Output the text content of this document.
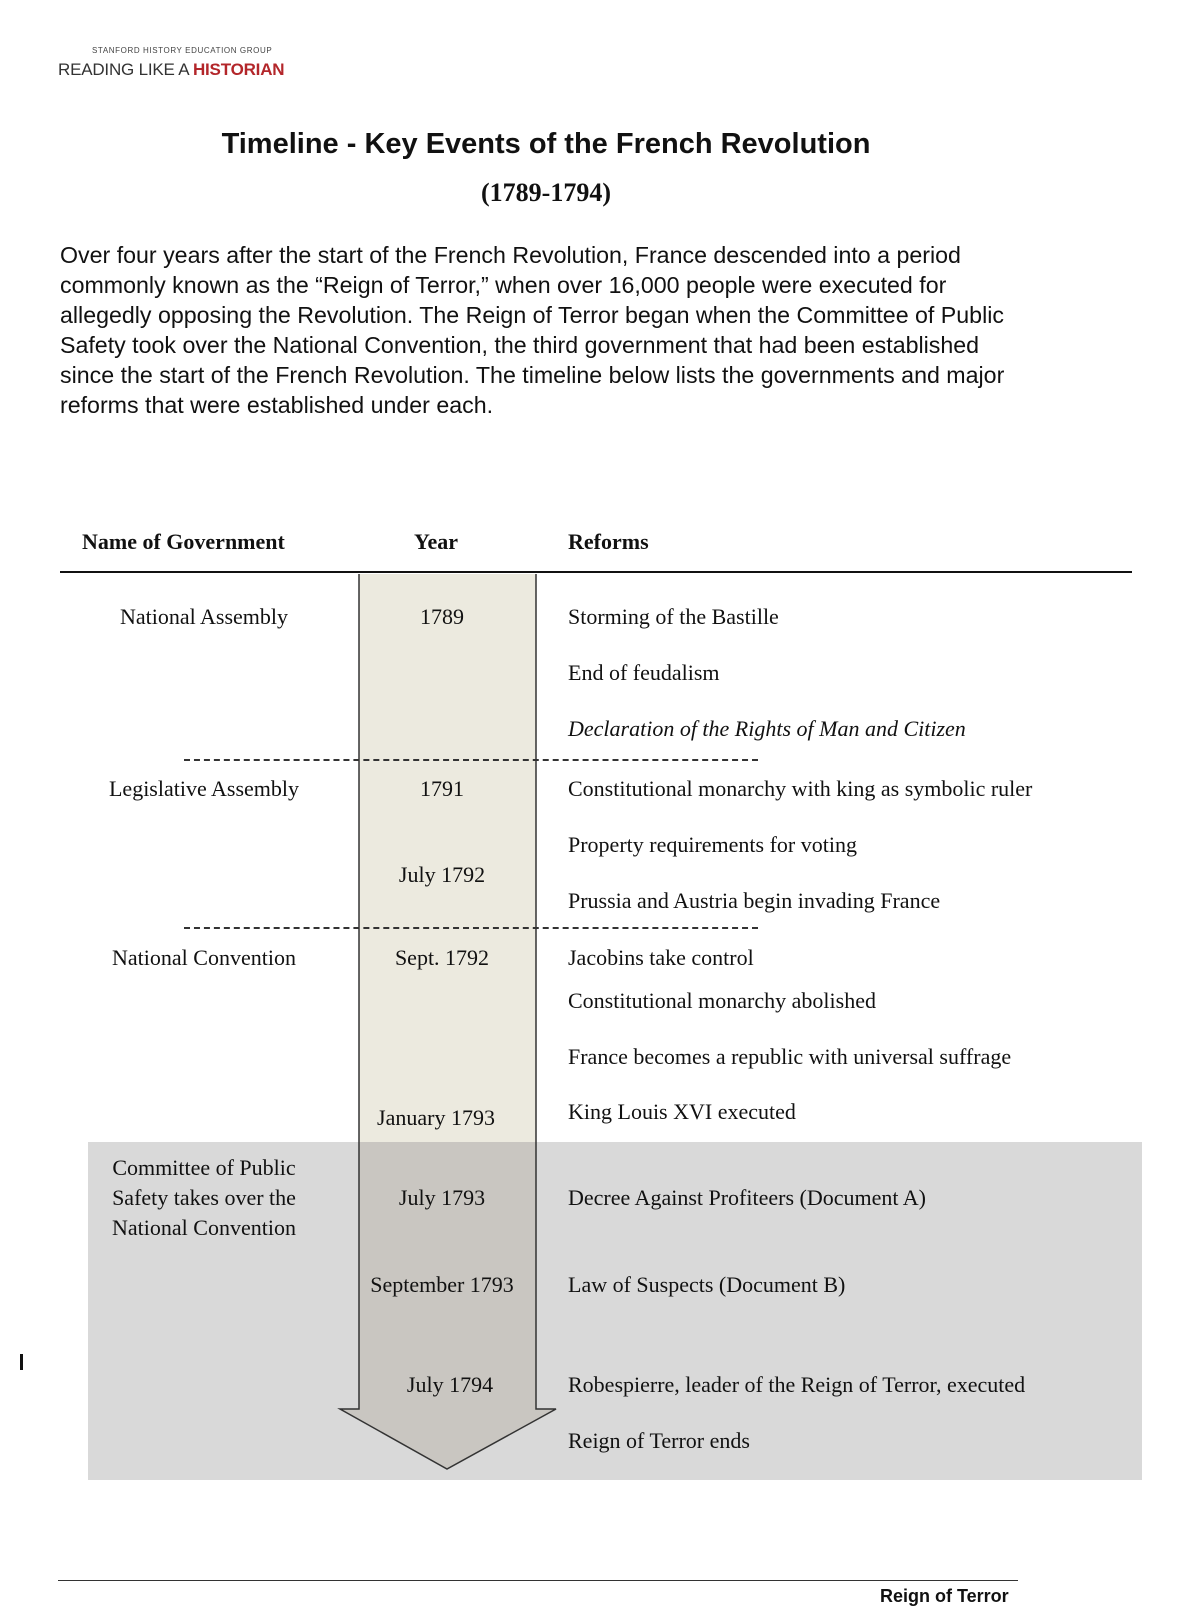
STANFORD HISTORY EDUCATION GROUP
READING LIKE A HISTORIAN
Timeline - Key Events of the French Revolution
(1789-1794)

Over four years after the start of the French Revolution, France descended into a period commonly known as the “Reign of Terror,” when over 16,000 people were executed for allegedly opposing the Revolution. The Reign of Terror began when the Committee of Public Safety took over the National Convention, the third government that had been established since the start of the French Revolution. The timeline below lists the governments and major reforms that were established under each.

Name of Government	Year	Reforms
National Assembly
Legislative Assembly
National Convention
Committee of Public
Safety takes over the
National Convention
1789
1791
July 1792
Sept. 1792
January 1793
July 1793
September 1793
July 1794
Storming of the Bastille
End of feudalism
Declaration of the Rights of Man and Citizen
Constitutional monarchy with king as symbolic ruler
Property requirements for voting
Prussia and Austria begin invading France
Jacobins take control
Constitutional monarchy abolished
France becomes a republic with universal suffrage
King Louis XVI executed
Decree Against Profiteers (Document A)
Law of Suspects (Document B)
Robespierre, leader of the Reign of Terror, executed
Reign of Terror ends
Reign of Terror
